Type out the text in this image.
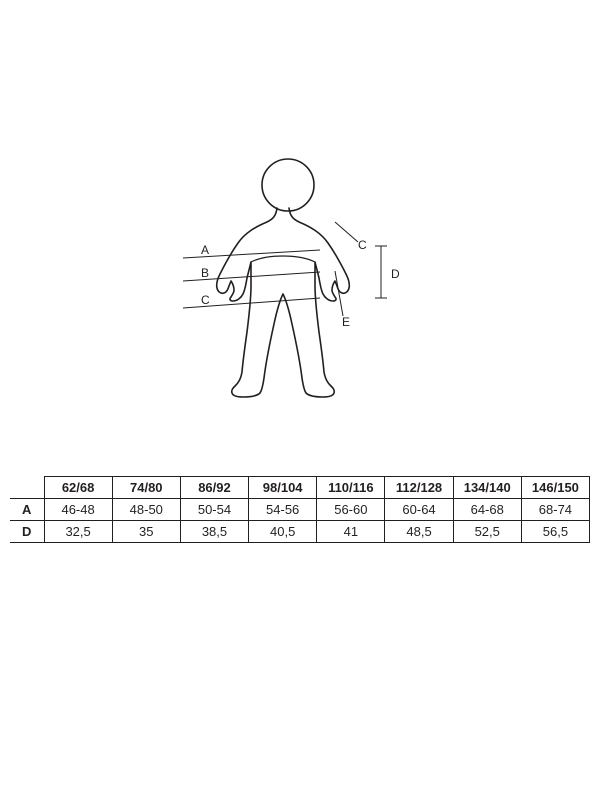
A
B
C
C
D
E
	62/68	74/80	86/92	98/104	110/116	112/128	134/140	146/150
A	46-48	48-50	50-54	54-56	56-60	60-64	64-68	68-74
D	32,5	35	38,5	40,5	41	48,5	52,5	56,5
